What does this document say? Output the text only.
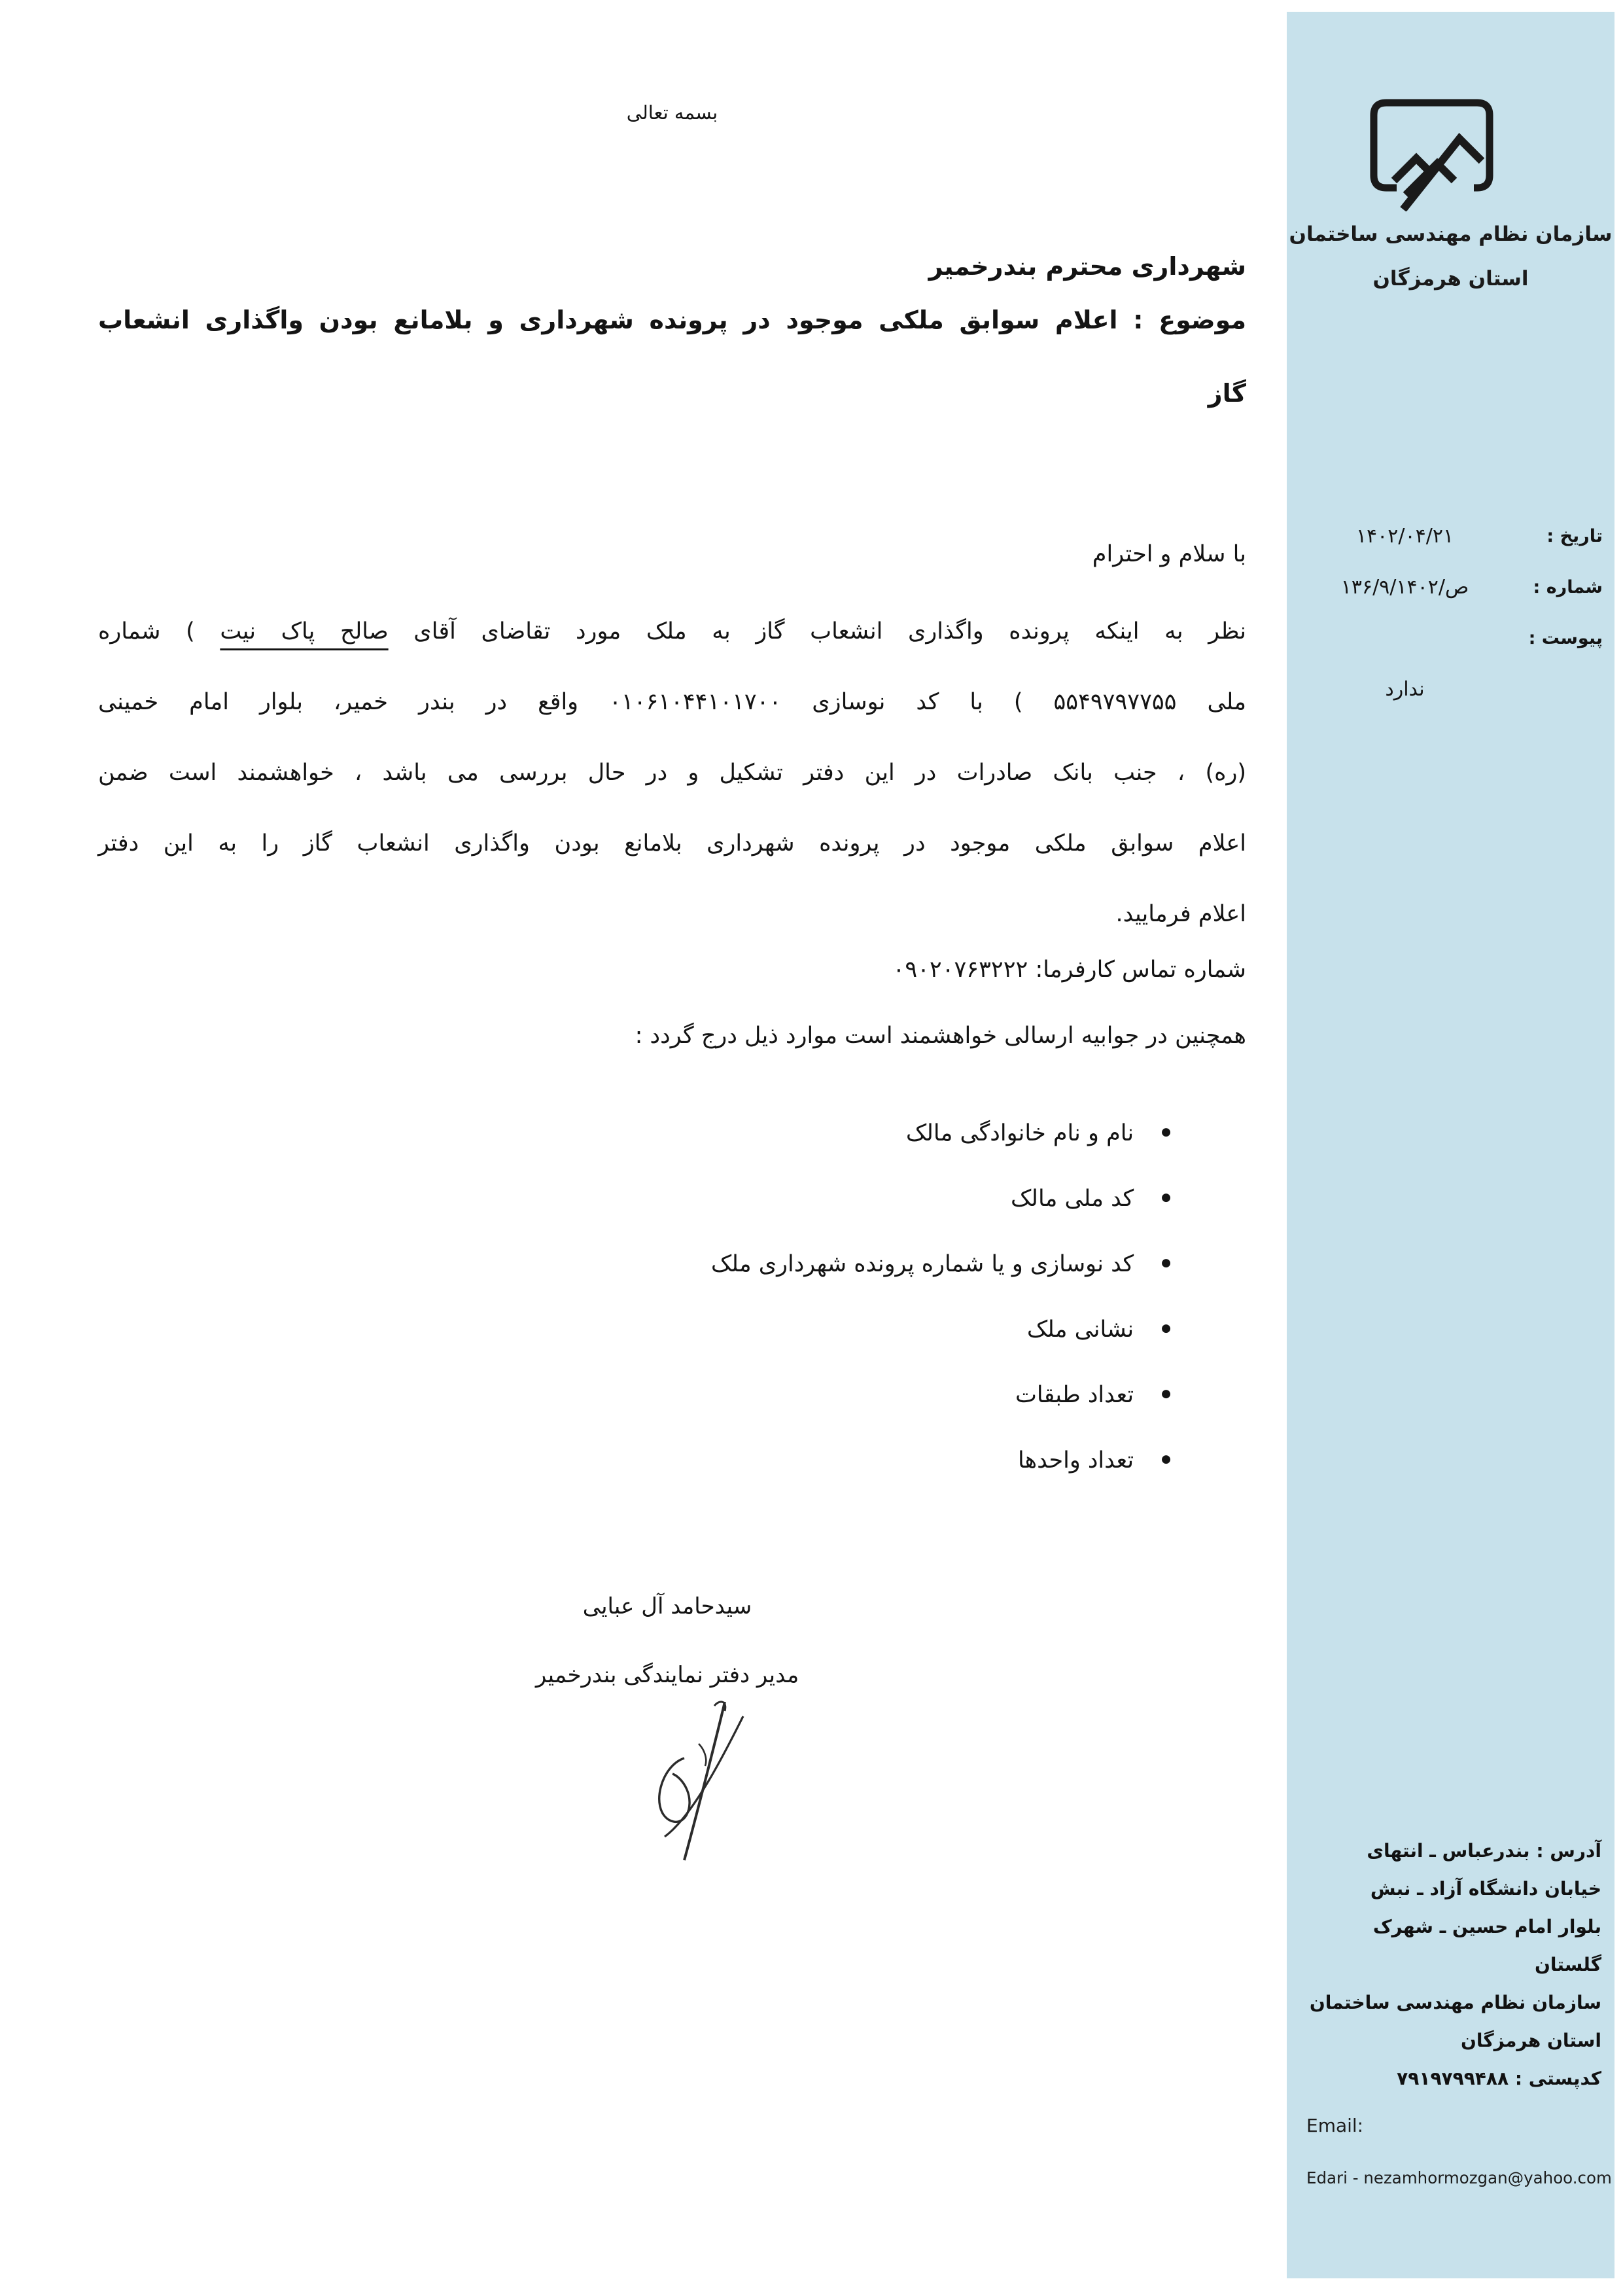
بسمه تعالی
شهرداری محترم بندرخمیر
موضوع : اعلام سوابق ملکی موجود در پرونده شهرداری و بلامانع بودن واگذاری انشعاب
گاز
با سلام و احترام
نظر به اینکه پرونده واگذاری انشعاب گاز به ملک مورد تقاضای آقای صالح پاک نیت ) شماره
ملی ۵۵۴۹۷۹۷۷۵۵ ) با کد نوسازی ۰۱۰۶۱۰۴۴۱۰۱۷۰۰ واقع در بندر خمیر، بلوار امام خمینی
(ره) ، جنب بانک صادرات در این دفتر تشکیل و در حال بررسی می باشد ، خواهشمند است ضمن
اعلام سوابق ملکی موجود در پرونده شهرداری بلامانع بودن واگذاری انشعاب گاز را به این دفتر
اعلام فرمایید.
شماره تماس کارفرما: ۰۹۰۲۰۷۶۳۲۲۲
همچنین در جوابیه ارسالی خواهشمند است موارد ذیل درج گردد :
●نام و نام خانوادگی مالک
●کد ملی مالک
●کد نوسازی و یا شماره پرونده شهرداری ملک
●نشانی ملک
●تعداد طبقات
●تعداد واحدها
سیدحامد آل عبایی
مدیر دفتر نمایندگی بندرخمیر
سازمان نظام مهندسی ساختمان
استان هرمزگان
تاریخ :
۱۴۰۲/۰۴/۲۱
شماره :
ص/۱۳۶/۹/۱۴۰۲
پیوست :
ندارد
آدرس : بندرعباس ـ انتهای
خیابان دانشگاه آزاد ـ نبش
بلوار امام حسین ـ شهرک
گلستان
سازمان نظام مهندسی ساختمان
استان هرمزگان
کدپستی : ۷۹۱۹۷۹۹۴۸۸
Email:
Edari - nezamhormozgan@yahoo.com
